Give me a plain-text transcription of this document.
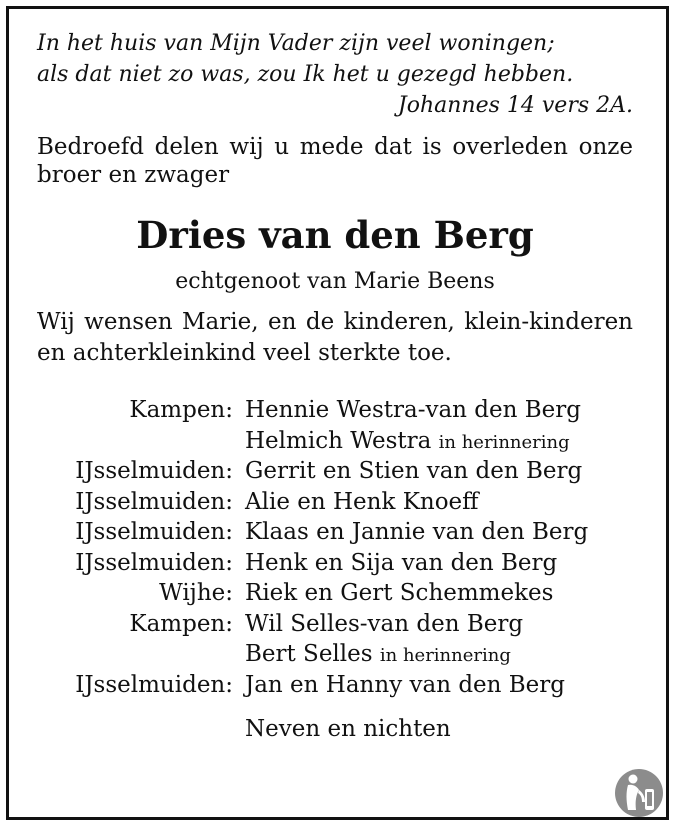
In het huis van Mijn Vader zijn veel woningen;
als dat niet zo was, zou Ik het u gezegd hebben.
Johannes 14 vers 2A.
Bedroefd delen wij u mede dat is overleden onze broer en zwager
Dries van den Berg
echtgenoot van Marie Beens
Wij wensen Marie, en de kinderen, klein-kinderen en achterkleinkind veel sterkte toe.
Kampen: Hennie Westra-van den Berg
Helmich Westra in herinnering
IJsselmuiden: Gerrit en Stien van den Berg
IJsselmuiden: Alie en Henk Knoeff
IJsselmuiden: Klaas en Jannie van den Berg
IJsselmuiden: Henk en Sija van den Berg
Wijhe: Riek en Gert Schemmekes
Kampen: Wil Selles-van den Berg
Bert Selles in herinnering
IJsselmuiden: Jan en Hanny van den Berg
Neven en nichten
